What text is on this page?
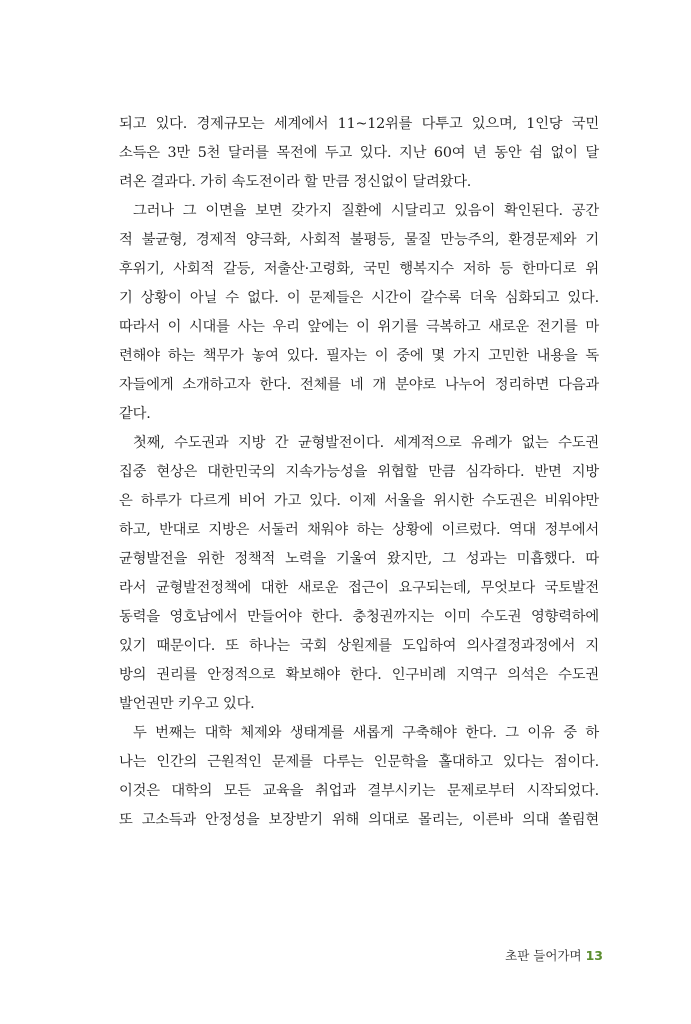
되고 있다. 경제규모는 세계에서 11~12위를 다투고 있으며, 1인당 국민
소득은 3만 5천 달러를 목전에 두고 있다. 지난 60여 년 동안 쉼 없이 달
려온 결과다. 가히 속도전이라 할 만큼 정신없이 달려왔다.
그러나 그 이면을 보면 갖가지 질환에 시달리고 있음이 확인된다. 공간
적 불균형, 경제적 양극화, 사회적 불평등, 물질 만능주의, 환경문제와 기
후위기, 사회적 갈등, 저출산·고령화, 국민 행복지수 저하 등 한마디로 위
기 상황이 아닐 수 없다. 이 문제들은 시간이 갈수록 더욱 심화되고 있다.
따라서 이 시대를 사는 우리 앞에는 이 위기를 극복하고 새로운 전기를 마
련해야 하는 책무가 놓여 있다. 필자는 이 중에 몇 가지 고민한 내용을 독
자들에게 소개하고자 한다. 전체를 네 개 분야로 나누어 정리하면 다음과
같다.
첫째, 수도권과 지방 간 균형발전이다. 세계적으로 유례가 없는 수도권
집중 현상은 대한민국의 지속가능성을 위협할 만큼 심각하다. 반면 지방
은 하루가 다르게 비어 가고 있다. 이제 서울을 위시한 수도권은 비워야만
하고, 반대로 지방은 서둘러 채워야 하는 상황에 이르렀다. 역대 정부에서
균형발전을 위한 정책적 노력을 기울여 왔지만, 그 성과는 미흡했다. 따
라서 균형발전정책에 대한 새로운 접근이 요구되는데, 무엇보다 국토발전
동력을 영호남에서 만들어야 한다. 충청권까지는 이미 수도권 영향력하에
있기 때문이다. 또 하나는 국회 상원제를 도입하여 의사결정과정에서 지
방의 권리를 안정적으로 확보해야 한다. 인구비례 지역구 의석은 수도권
발언권만 키우고 있다.
두 번째는 대학 체제와 생태계를 새롭게 구축해야 한다. 그 이유 중 하
나는 인간의 근원적인 문제를 다루는 인문학을 홀대하고 있다는 점이다.
이것은 대학의 모든 교육을 취업과 결부시키는 문제로부터 시작되었다.
또 고소득과 안정성을 보장받기 위해 의대로 몰리는, 이른바 의대 쏠림현
초판 들어가며 13
